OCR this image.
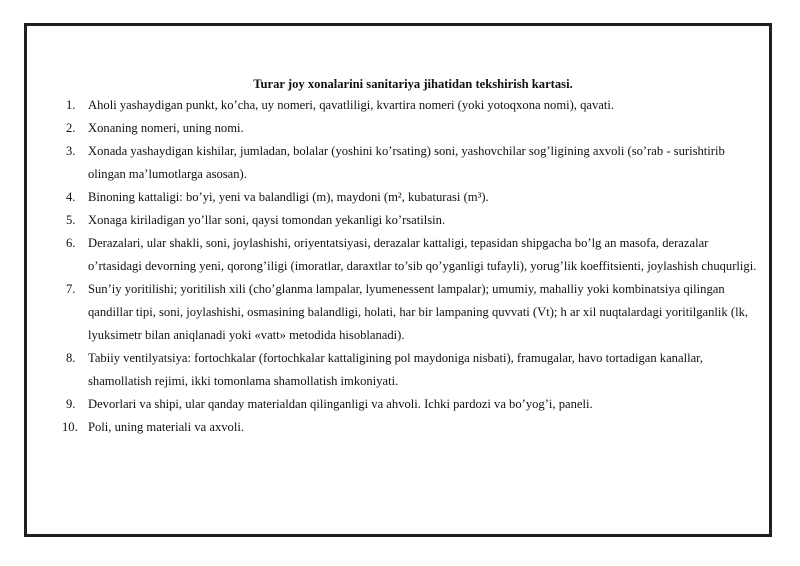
Turar joy xonalarini sanitariya jihatidan tekshirish kartasi.
1. Aholi yashaydigan punkt, ko’cha, uy nomeri, qavatliligi, kvartira nomeri (yoki yotoqxona nomi), qavati.
2. Xonaning nomeri, uning nomi.
3. Xonada yashaydigan kishilar, jumladan, bolalar (yoshini ko’rsating) soni, yashovchilar sog’ligining axvoli (so’rab - surishtirib olingan ma’lumotlarga asosan).
4. Binoning kattaligi: bo’yi, yeni va balandligi (m), maydoni (m², kubaturasi (m³).
5. Xonaga kiriladigan yo’llar soni, qaysi tomondan yekanligi ko’rsatilsin.
6. Derazalari, ular shakli, soni, joylashishi, oriyentatsiyasi, derazalar kattaligi, tepasidan shipgacha bo’lg an masofa, derazalar o’rtasidagi devorning yeni, qorong’iligi (imoratlar, daraxtlar to’sib qo’yganligi tufayli), yorug’lik koeffitsienti, joylashish chuqurligi.
7. Sun’iy yoritilishi; yoritilish xili (cho’glanma lampalar, lyumenessent lampalar); umumiy, mahalliy yoki kombinatsiya qilingan qandillar tipi, soni, joylashishi, osmasining balandligi, holati, har bir lampaning quvvati (Vt); h ar xil nuqtalardagi yoritilganlik (lk, lyuksimetr bilan aniqlanadi yoki «vatt» metodida hisoblanadi).
8. Tabiiy ventilyatsiya: fortochkalar (fortochkalar kattaligining pol maydoniga nisbati), framugalar, havo tortadigan kanallar, shamollatish rejimi, ikki tomonlama shamollatish imkoniyati.
9. Devorlari va shipi, ular qanday materialdan qilinganligi va ahvoli. Ichki pardozi va bo’yog’i, paneli.
10. Poli, uning materiali va axvoli.
